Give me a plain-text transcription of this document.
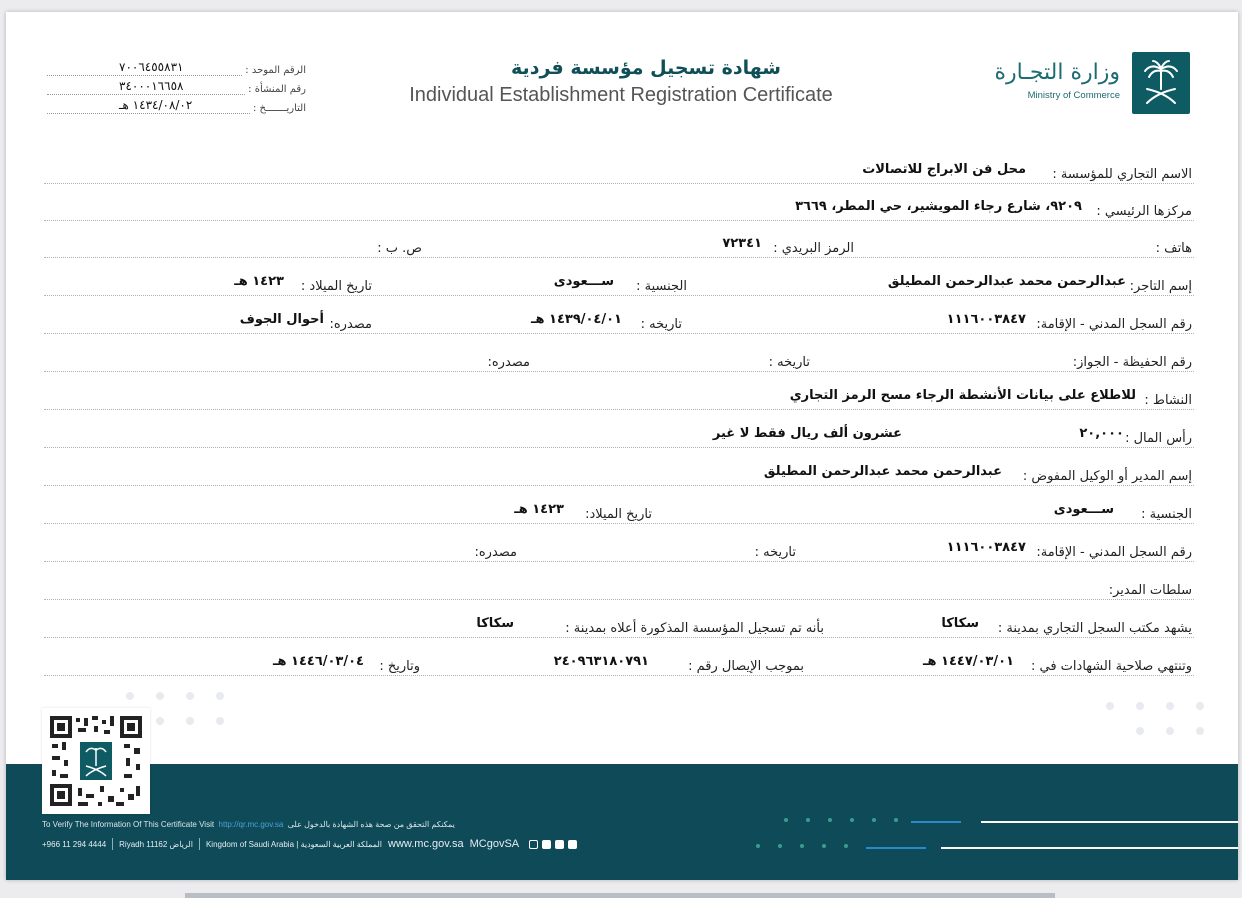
وزارة التجـارة
Ministry of Commerce
شهادة تسجيل مؤسسة فردية
Individual Establishment Registration Certificate
الرقم الموحد :
٧٠٠٦٤٥٥٨٣١
رقم المنشأة :
٣٤٠٠٠١٦٦٥٨
التاريـــــــخ :
١٤٣٤/٠٨/٠٢ هـ
الاسم التجاري للمؤسسة :
محل فن الابراج للاتصالات
مركزها الرئيسي :
٩٢٠٩، شارع رجاء المويشير، حي المطر، ٣٦٦٩
هاتف :
الرمز البريدي :
٧٢٣٤١
ص. ب :
إسم التاجر:
عبدالرحمن محمد عبدالرحمن المطيلق
الجنسية :
ســـعودى
تاريخ الميلاد :
١٤٢٣ هـ
رقم السجل المدني - الإقامة:
١١١٦٠٠٣٨٤٧
تاريخه :
١٤٣٩/٠٤/٠١ هـ
مصدره:
أحوال الجوف
رقم الحفيظة - الجواز:
تاريخه :
مصدره:
النشاط :
للاطلاع على بيانات الأنشطة الرجاء مسح الرمز التجاري
رأس المال :
٢٠,٠٠٠
عشرون ألف ريال فقط لا غير
إسم المدير أو الوكيل المفوض :
عبدالرحمن محمد عبدالرحمن المطيلق
الجنسية :
ســـعودى
تاريخ الميلاد:
١٤٢٣ هـ
رقم السجل المدني - الإقامة:
١١١٦٠٠٣٨٤٧
تاريخه :
مصدره:
سلطات المدير:
يشهد مكتب السجل التجاري بمدينة :
سكاكا
بأنه تم تسجيل المؤسسة المذكورة أعلاه بمدينة :
سكاكا
وتنتهي صلاحية الشهادات في :
١٤٤٧/٠٣/٠١ هـ
بموجب الإيصال رقم :
٢٤٠٩٦٣١٨٠٧٩١
وتاريخ :
١٤٤٦/٠٣/٠٤ هـ
To Verify The Information Of This Certificate Visit http://qr.mc.gov.sa يمكنكم التحقق من صحة هذه الشهادة بالدخول على
+966 11 294 4444 Riyadh 11162 الرياض Kingdom of Saudi Arabia | المملكة العربية السعودية www.mc.gov.sa MCgovSA
